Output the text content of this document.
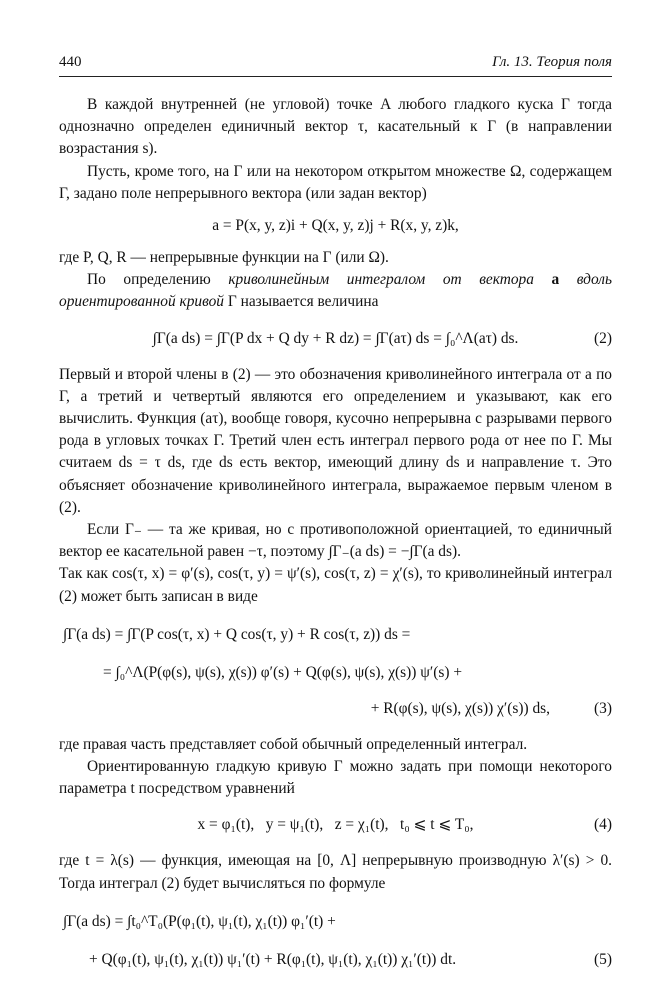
440	Гл. 13. Теория поля

В каждой внутренней (не угловой) точке A любого гладкого куска Γ тогда однозначно определен единичный вектор τ, касательный к Γ (в направлении возрастания s).

Пусть, кроме того, на Γ или на некотором открытом множестве Ω, содержащем Γ, задано поле непрерывного вектора (или задан вектор)

a = P(x, y, z)i + Q(x, y, z)j + R(x, y, z)k,

где P, Q, R — непрерывные функции на Γ (или Ω).

По определению криволинейным интегралом от вектора a вдоль ориентированной кривой Γ называется величина

∫Γ(a ds) = ∫Γ(P dx + Q dy + R dz) = ∫Γ(aτ) ds = ∫₀^Λ(aτ) ds.	(2)

Первый и второй члены в (2) — это обозначения криволинейного интеграла от a по Γ, а третий и четвертый являются его определением и указывают, как его вычислить. Функция (aτ), вообще говоря, кусочно непрерывна с разрывами первого рода в угловых точках Γ. Третий член есть интеграл первого рода от нее по Γ. Мы считаем ds = τ ds, где ds есть вектор, имеющий длину ds и направление τ. Это объясняет обозначение криволинейного интеграла, выражаемое первым членом в (2).

Если Γ₋ — та же кривая, но с противоположной ориентацией, то единичный вектор ее касательной равен −τ, поэтому ∫Γ₋(a ds) = −∫Γ(a ds).

Так как cos(τ, x) = φ′(s), cos(τ, y) = ψ′(s), cos(τ, z) = χ′(s), то криволинейный интеграл (2) может быть записан в виде

∫Γ(a ds) = ∫Γ(P cos(τ, x) + Q cos(τ, y) + R cos(τ, z)) ds =
= ∫₀^Λ(P(φ(s), ψ(s), χ(s)) φ′(s) + Q(φ(s), ψ(s), χ(s)) ψ′(s) +
+ R(φ(s), ψ(s), χ(s)) χ′(s)) ds,	(3)

где правая часть представляет собой обычный определенный интеграл.

Ориентированную гладкую кривую Γ можно задать при помощи некоторого параметра t посредством уравнений

x = φ₁(t),   y = ψ₁(t),   z = χ₁(t),   t₀ ⩽ t ⩽ T₀,	(4)

где t = λ(s) — функция, имеющая на [0, Λ] непрерывную производную λ′(s) > 0. Тогда интеграл (2) будет вычисляться по формуле

∫Γ(a ds) = ∫t₀^T₀(P(φ₁(t), ψ₁(t), χ₁(t)) φ₁′(t) +
+ Q(φ₁(t), ψ₁(t), χ₁(t)) ψ₁′(t) + R(φ₁(t), ψ₁(t), χ₁(t)) χ₁′(t)) dt.	(5)
